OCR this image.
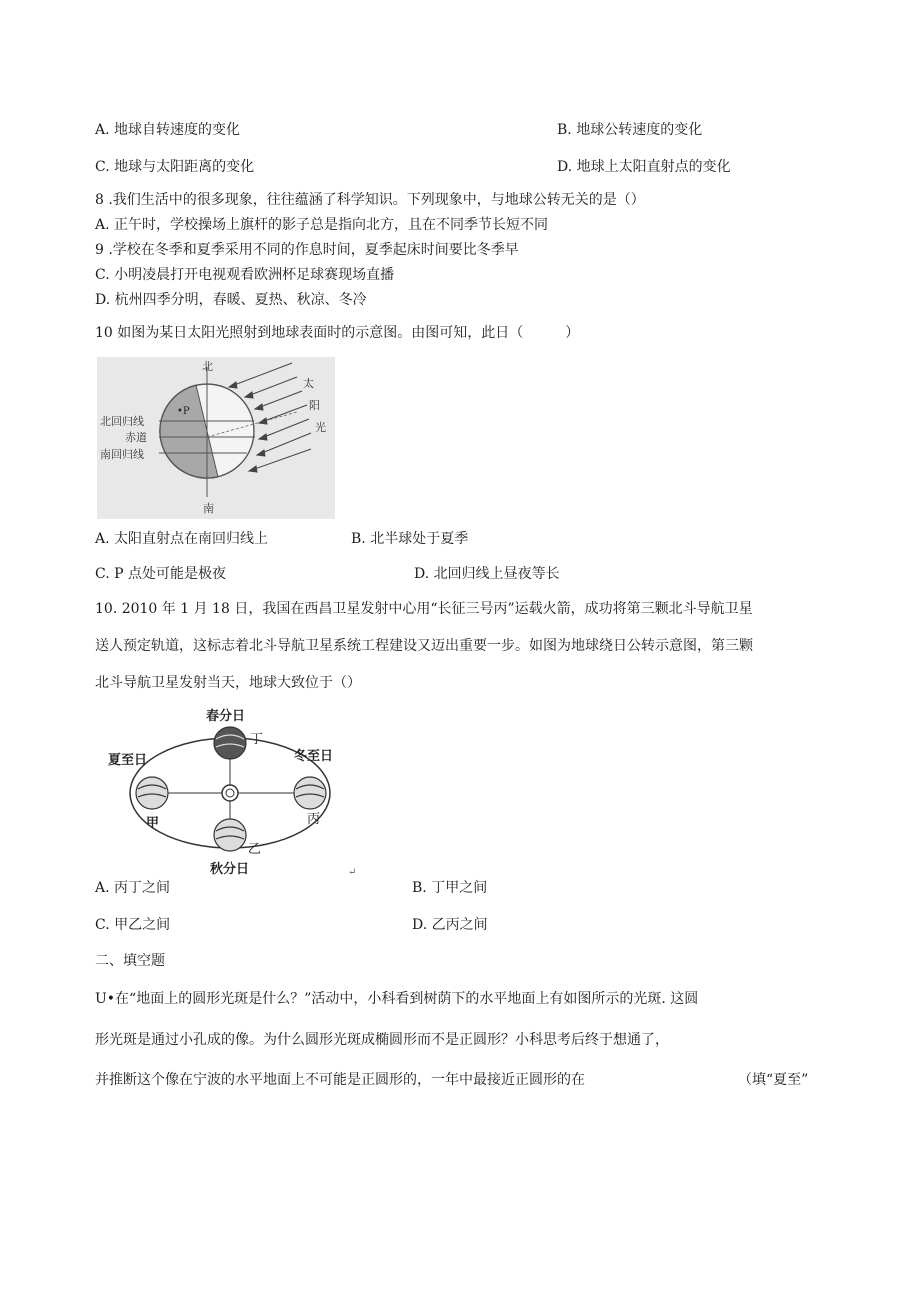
A. 地球自转速度的变化	B. 地球公转速度的变化
C. 地球与太阳距离的变化	D. 地球上太阳直射点的变化
8 .我们生活中的很多现象，往往蕴涵了科学知识。下列现象中，与地球公转无关的是（）
A. 正午时，学校操场上旗杆的影子总是指向北方，且在不同季节长短不同
9 .学校在冬季和夏季采用不同的作息时间，夏季起床时间要比冬季早
C. 小明凌晨打开电视观看欧洲杯足球赛现场直播
D. 杭州四季分明，春暖、夏热、秋凉、冬冷
10 如图为某日太阳光照射到地球表面时的示意图。由图可知，此日（　　　）
北
南
北回归线
赤道
南回归线
•P
太
阳
光
A. 太阳直射点在南回归线上	B. 北半球处于夏季
C. P 点处可能是极夜	D. 北回归线上昼夜等长
10. 2010 年 1 月 18 日，我国在西昌卫星发射中心用“长征三号丙”运载火箭，成功将第三颗北斗导航卫星
送人预定轨道，这标志着北斗导航卫星系统工程建设又迈出重要一步。如图为地球绕日公转示意图，第三颗
北斗导航卫星发射当天，地球大致位于（）
春分日
夏至日	冬至日
秋分日
丁
甲	丙
乙
↵
A. 丙丁之间	B. 丁甲之间
C. 甲乙之间	D. 乙丙之间
二、填空题
U•在“地面上的圆形光斑是什么？”活动中，小科看到树荫下的水平地面上有如图所示的光斑. 这圆
形光斑是通过小孔成的像。为什么圆形光斑成椭圆形而不是正圆形？小科思考后终于想通了，
并推断这个像在宁波的水平地面上不可能是正圆形的，一年中最接近正圆形的在	（填“夏至”
